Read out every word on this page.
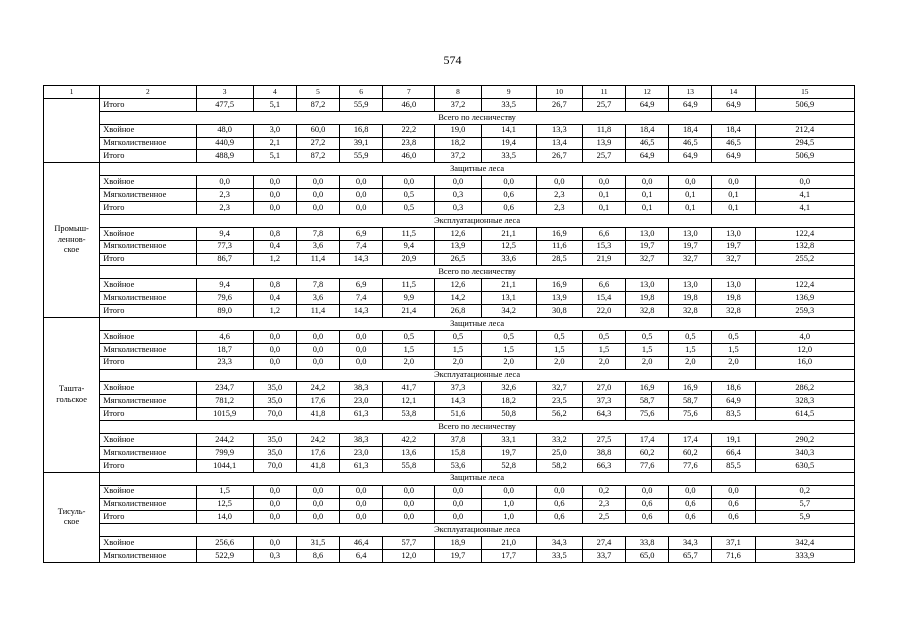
574
1	2	3	4	5	6	7	8	9	10	11	12	13	14	15
	Итого	477,5	5,1	87,2	55,9	46,0	37,2	33,5	26,7	25,7	64,9	64,9	64,9	506,9
	Всего по лесничеству													
	Хвойное	48,0	3,0	60,0	16,8	22,2	19,0	14,1	13,3	11,8	18,4	18,4	18,4	212,4
	Мягколиственное	440,9	2,1	27,2	39,1	23,8	18,2	19,4	13,4	13,9	46,5	46,5	46,5	294,5
	Итого	488,9	5,1	87,2	55,9	46,0	37,2	33,5	26,7	25,7	64,9	64,9	64,9	506,9

Промыш-
леннов-
ское	Защитные леса													
	Хвойное	0,0	0,0	0,0	0,0	0,0	0,0	0,0	0,0	0,0	0,0	0,0	0,0	0,0
	Мягколиственное	2,3	0,0	0,0	0,0	0,5	0,3	0,6	2,3	0,1	0,1	0,1	0,1	4,1
	Итого	2,3	0,0	0,0	0,0	0,5	0,3	0,6	2,3	0,1	0,1	0,1	0,1	4,1
	Эксплуатационные леса													
	Хвойное	9,4	0,8	7,8	6,9	11,5	12,6	21,1	16,9	6,6	13,0	13,0	13,0	122,4
	Мягколиственное	77,3	0,4	3,6	7,4	9,4	13,9	12,5	11,6	15,3	19,7	19,7	19,7	132,8
	Итого	86,7	1,2	11,4	14,3	20,9	26,5	33,6	28,5	21,9	32,7	32,7	32,7	255,2
	Всего по лесничеству													
	Хвойное	9,4	0,8	7,8	6,9	11,5	12,6	21,1	16,9	6,6	13,0	13,0	13,0	122,4
	Мягколиственное	79,6	0,4	3,6	7,4	9,9	14,2	13,1	13,9	15,4	19,8	19,8	19,8	136,9
	Итого	89,0	1,2	11,4	14,3	21,4	26,8	34,2	30,8	22,0	32,8	32,8	32,8	259,3

Ташта-
гольское	Защитные леса													
	Хвойное	4,6	0,0	0,0	0,0	0,5	0,5	0,5	0,5	0,5	0,5	0,5	0,5	4,0
	Мягколиственное	18,7	0,0	0,0	0,0	1,5	1,5	1,5	1,5	1,5	1,5	1,5	1,5	12,0
	Итого	23,3	0,0	0,0	0,0	2,0	2,0	2,0	2,0	2,0	2,0	2,0	2,0	16,0
	Эксплуатационные леса													
	Хвойное	234,7	35,0	24,2	38,3	41,7	37,3	32,6	32,7	27,0	16,9	16,9	18,6	286,2
	Мягколиственное	781,2	35,0	17,6	23,0	12,1	14,3	18,2	23,5	37,3	58,7	58,7	64,9	328,3
	Итого	1015,9	70,0	41,8	61,3	53,8	51,6	50,8	56,2	64,3	75,6	75,6	83,5	614,5
	Всего по лесничеству													
	Хвойное	244,2	35,0	24,2	38,3	42,2	37,8	33,1	33,2	27,5	17,4	17,4	19,1	290,2
	Мягколиственное	799,9	35,0	17,6	23,0	13,6	15,8	19,7	25,0	38,8	60,2	60,2	66,4	340,3
	Итого	1044,1	70,0	41,8	61,3	55,8	53,6	52,8	58,2	66,3	77,6	77,6	85,5	630,5

Тисуль-
ское	Защитные леса													
	Хвойное	1,5	0,0	0,0	0,0	0,0	0,0	0,0	0,0	0,2	0,0	0,0	0,0	0,2
	Мягколиственное	12,5	0,0	0,0	0,0	0,0	0,0	1,0	0,6	2,3	0,6	0,6	0,6	5,7
	Итого	14,0	0,0	0,0	0,0	0,0	0,0	1,0	0,6	2,5	0,6	0,6	0,6	5,9
	Эксплуатационные леса													
	Хвойное	256,6	0,0	31,5	46,4	57,7	18,9	21,0	34,3	27,4	33,8	34,3	37,1	342,4
	Мягколиственное	522,9	0,3	8,6	6,4	12,0	19,7	17,7	33,5	33,7	65,0	65,7	71,6	333,9
